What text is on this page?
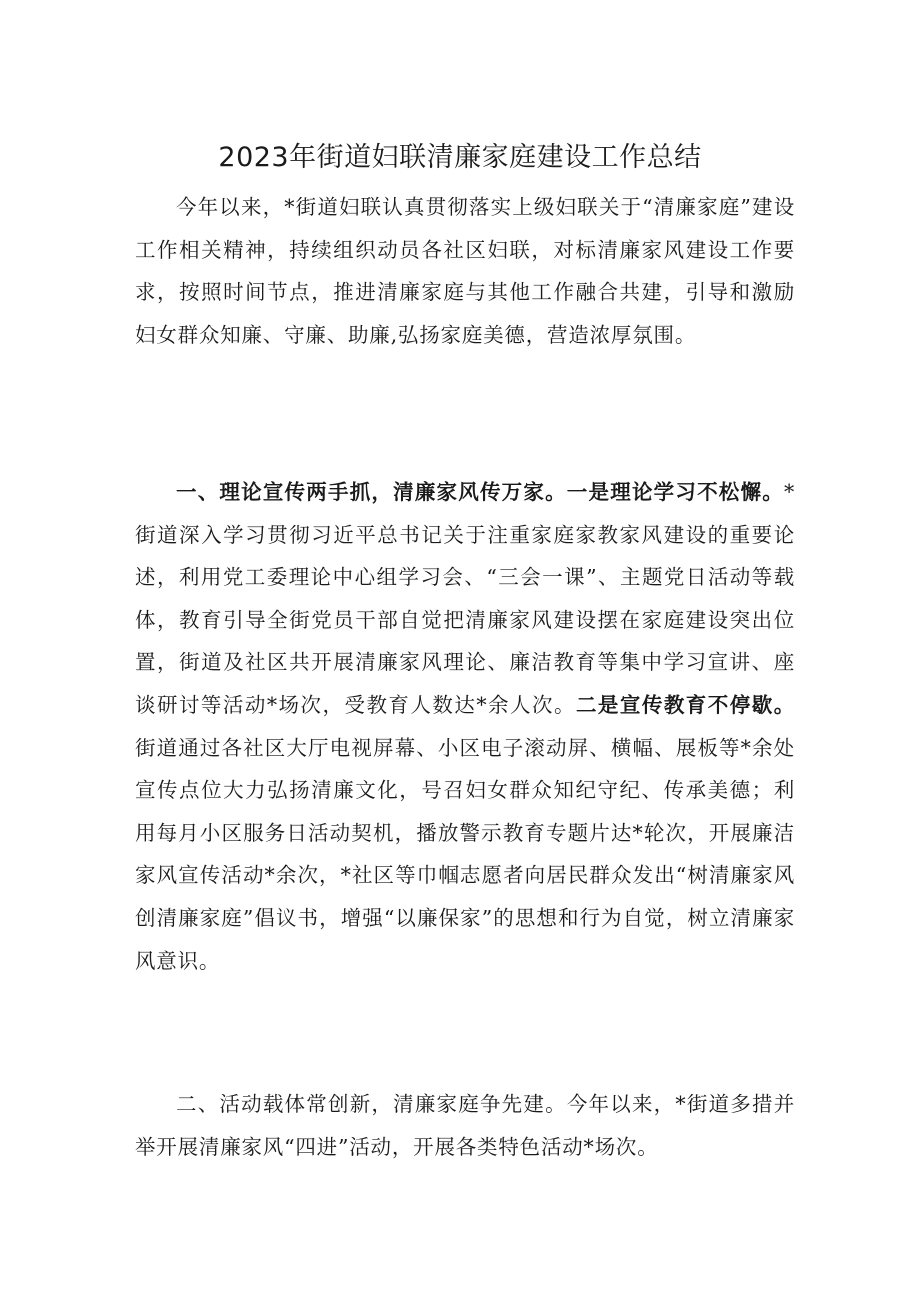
2023年街道妇联清廉家庭建设工作总结

今年以来，*街道妇联认真贯彻落实上级妇联关于“清廉家庭”建设工作相关精神，持续组织动员各社区妇联，对标清廉家风建设工作要求，按照时间节点，推进清廉家庭与其他工作融合共建，引导和激励妇女群众知廉、守廉、助廉,弘扬家庭美德，营造浓厚氛围。

一、理论宣传两手抓，清廉家风传万家。一是理论学习不松懈。*街道深入学习贯彻习近平总书记关于注重家庭家教家风建设的重要论述，利用党工委理论中心组学习会、“三会一课”、主题党日活动等载体，教育引导全街党员干部自觉把清廉家风建设摆在家庭建设突出位置，街道及社区共开展清廉家风理论、廉洁教育等集中学习宣讲、座谈研讨等活动*场次，受教育人数达*余人次。二是宣传教育不停歇。街道通过各社区大厅电视屏幕、小区电子滚动屏、横幅、展板等*余处宣传点位大力弘扬清廉文化，号召妇女群众知纪守纪、传承美德；利用每月小区服务日活动契机，播放警示教育专题片达*轮次，开展廉洁家风宣传活动*余次，*社区等巾帼志愿者向居民群众发出“树清廉家风创清廉家庭”倡议书，增强“以廉保家”的思想和行为自觉，树立清廉家风意识。

二、活动载体常创新，清廉家庭争先建。今年以来，*街道多措并举开展清廉家风“四进”活动，开展各类特色活动*场次。
